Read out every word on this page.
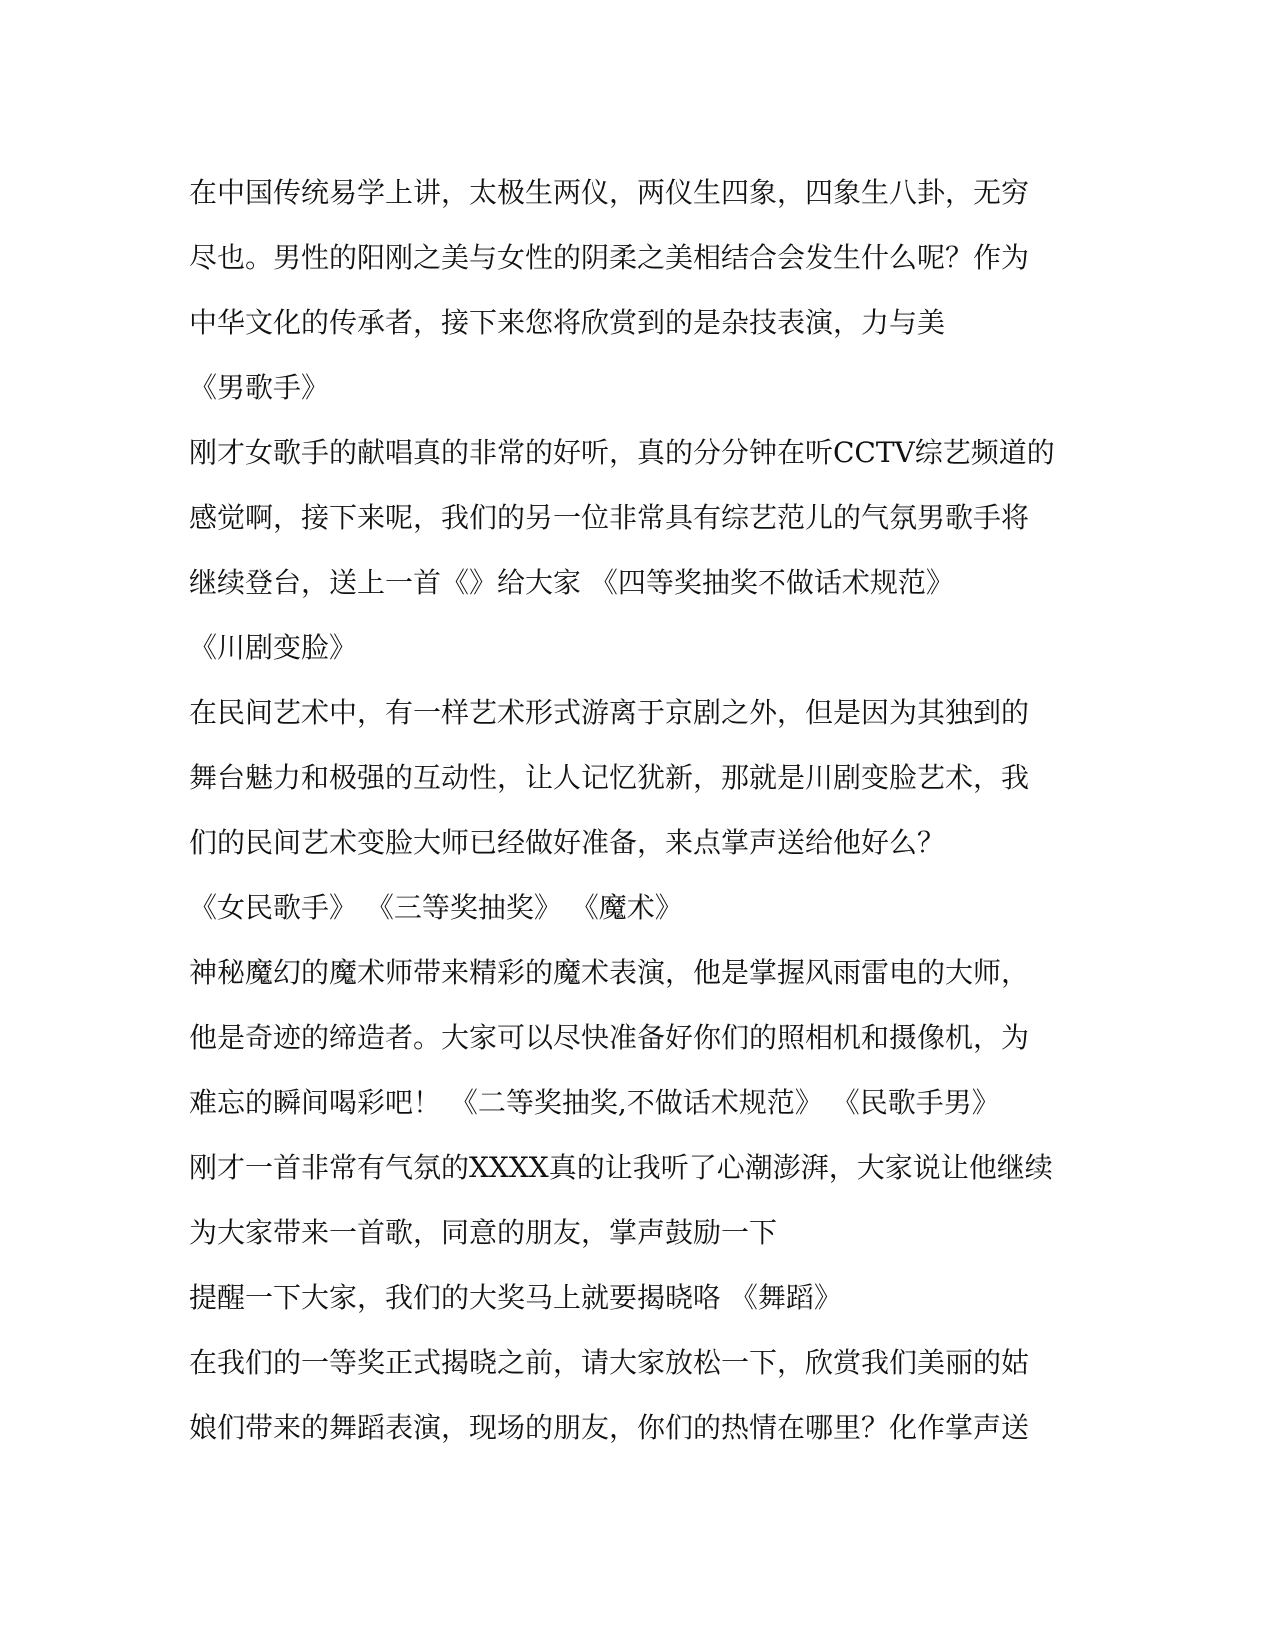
在中国传统易学上讲，太极生两仪，两仪生四象，四象生八卦，无穷
尽也。男性的阳刚之美与女性的阴柔之美相结合会发生什么呢？作为
中华文化的传承者，接下来您将欣赏到的是杂技表演，力与美
《男歌手》
刚才女歌手的献唱真的非常的好听，真的分分钟在听CCTV综艺频道的
感觉啊，接下来呢，我们的另一位非常具有综艺范儿的气氛男歌手将
继续登台，送上一首《》给大家 《四等奖抽奖不做话术规范》
《川剧变脸》
在民间艺术中，有一样艺术形式游离于京剧之外，但是因为其独到的
舞台魅力和极强的互动性，让人记忆犹新，那就是川剧变脸艺术，我
们的民间艺术变脸大师已经做好准备，来点掌声送给他好么？
《女民歌手》 《三等奖抽奖》 《魔术》
神秘魔幻的魔术师带来精彩的魔术表演，他是掌握风雨雷电的大师，
他是奇迹的缔造者。大家可以尽快准备好你们的照相机和摄像机，为
难忘的瞬间喝彩吧！ 《二等奖抽奖,不做话术规范》 《民歌手男》
刚才一首非常有气氛的XXXX真的让我听了心潮澎湃，大家说让他继续
为大家带来一首歌，同意的朋友，掌声鼓励一下
提醒一下大家，我们的大奖马上就要揭晓咯 《舞蹈》
在我们的一等奖正式揭晓之前，请大家放松一下，欣赏我们美丽的姑
娘们带来的舞蹈表演，现场的朋友，你们的热情在哪里？化作掌声送
